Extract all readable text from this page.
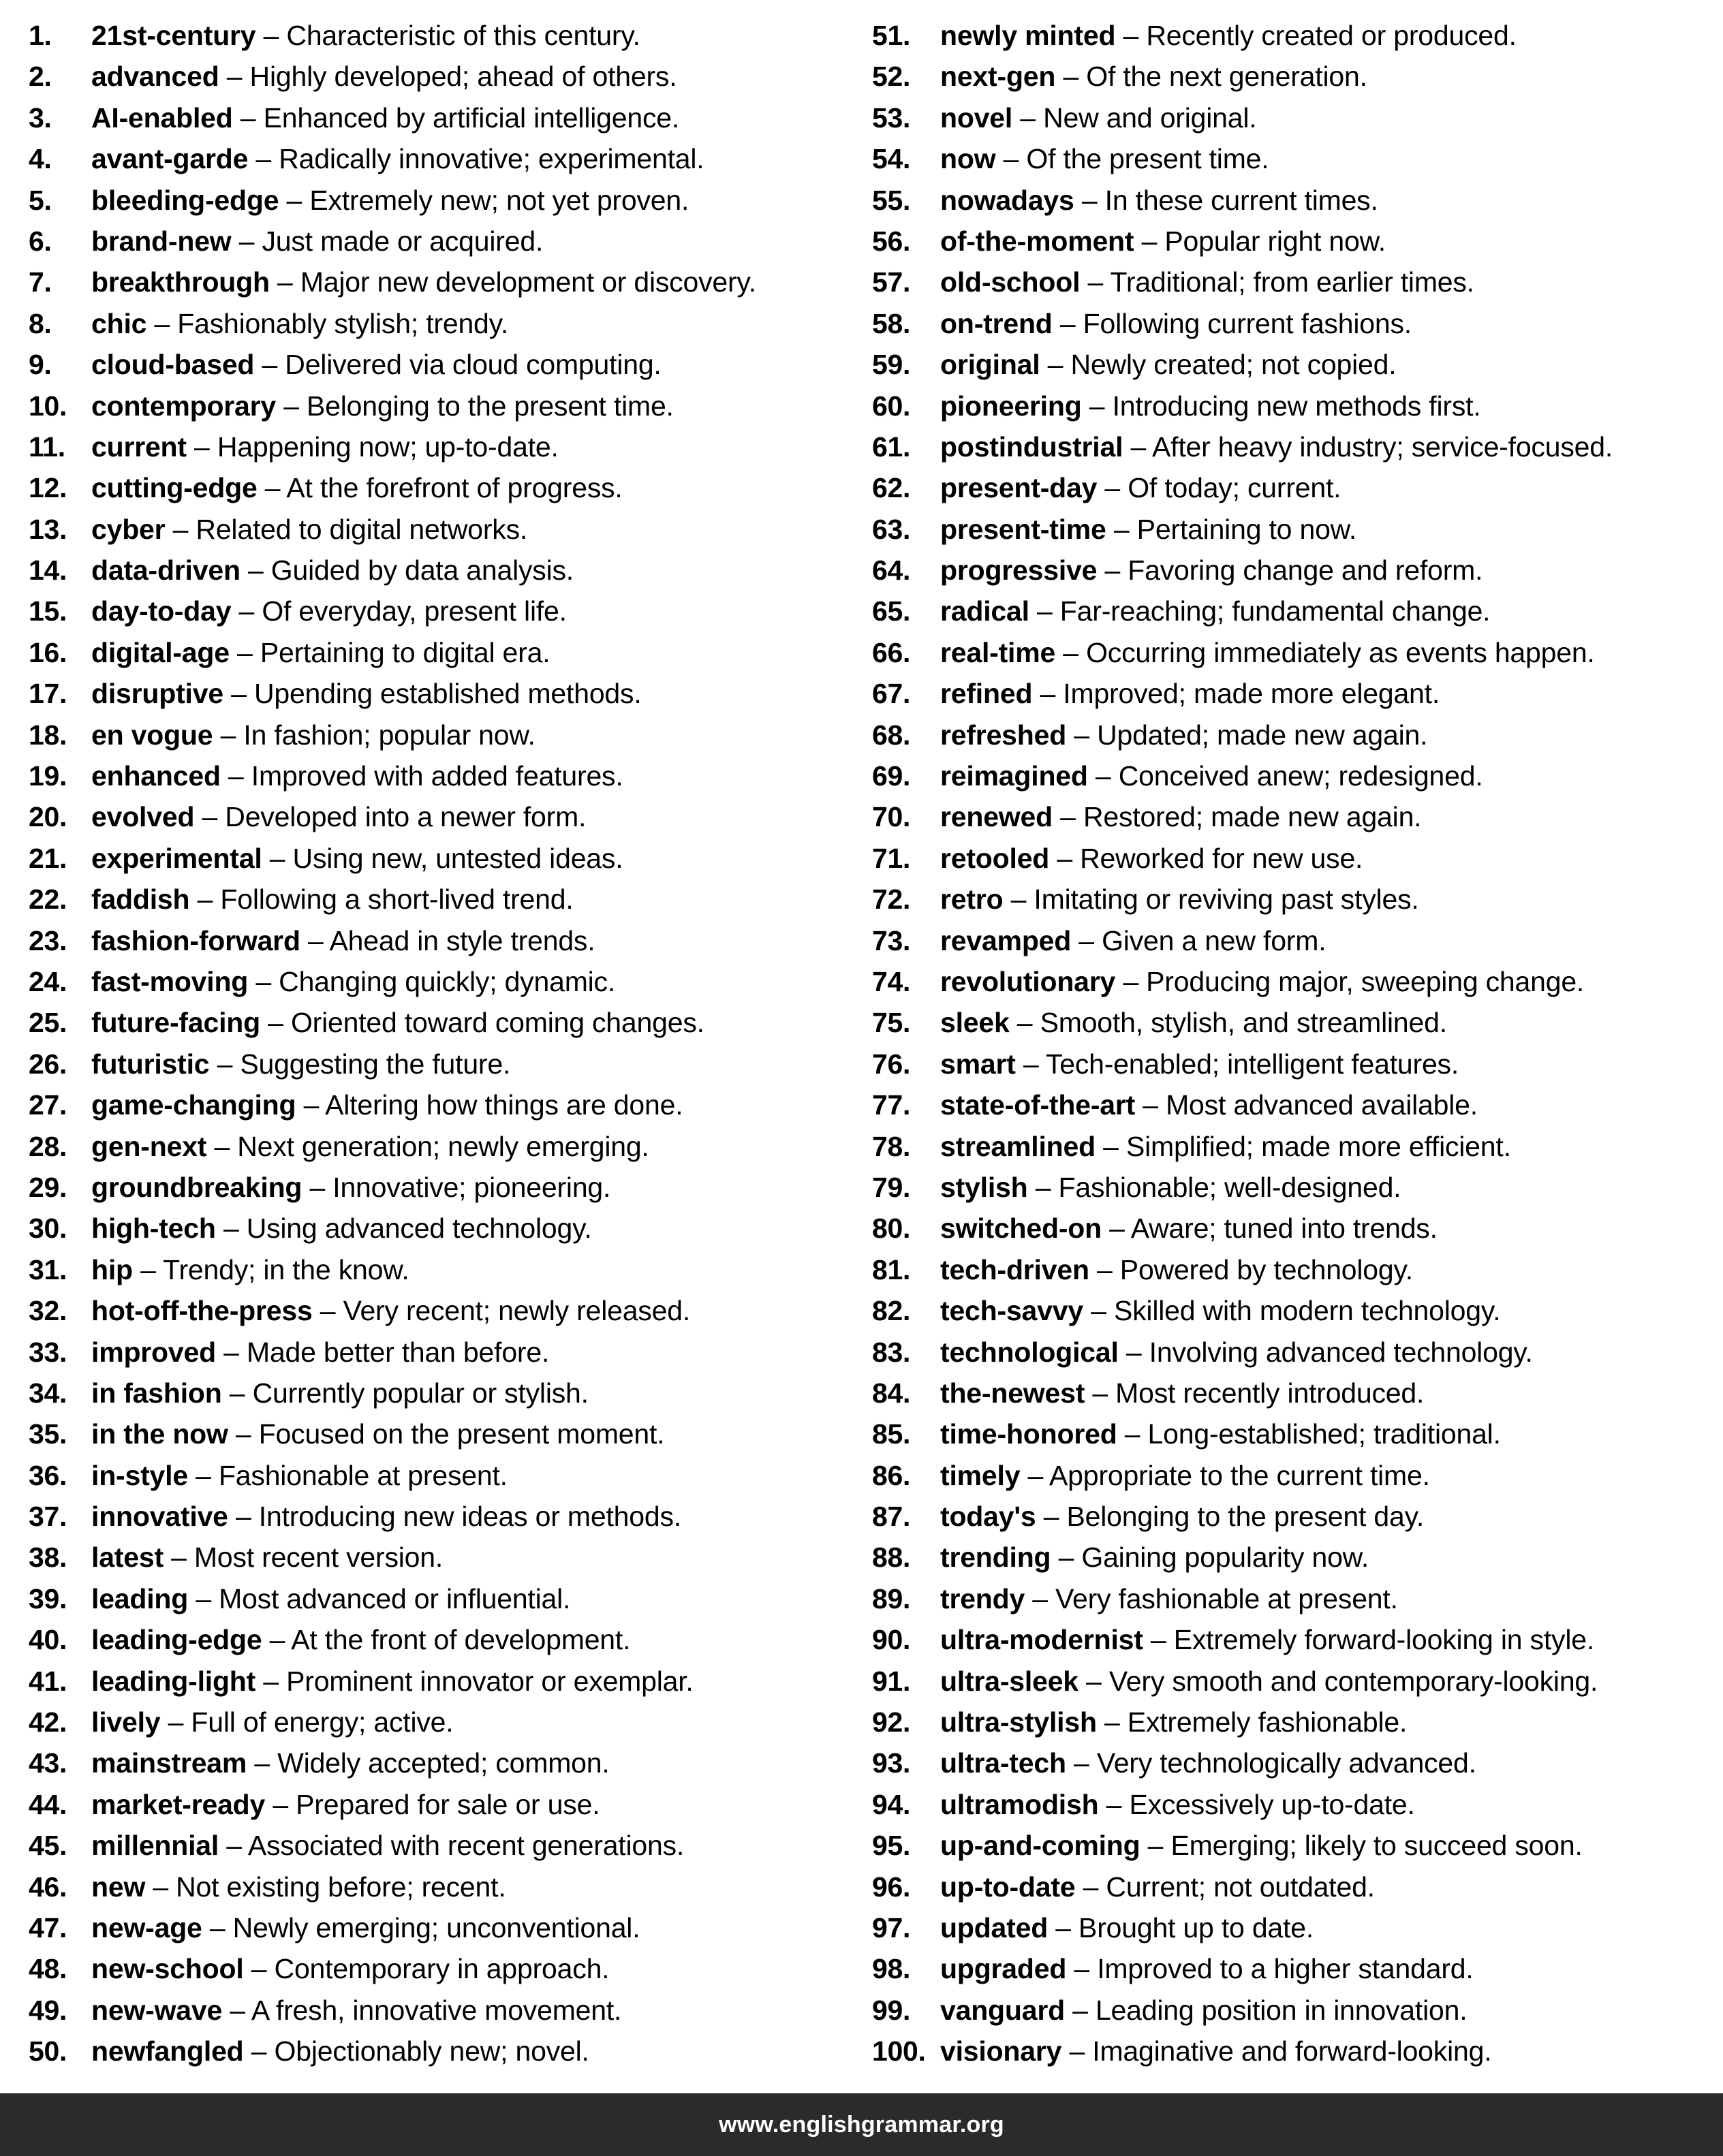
1.	21st-century – Characteristic of this century.
2.	advanced – Highly developed; ahead of others.
3.	AI-enabled – Enhanced by artificial intelligence.
4.	avant-garde – Radically innovative; experimental.
5.	bleeding-edge – Extremely new; not yet proven.
6.	brand-new – Just made or acquired.
7.	breakthrough – Major new development or discovery.
8.	chic – Fashionably stylish; trendy.
9.	cloud-based – Delivered via cloud computing.
10. contemporary – Belonging to the present time.
11. current – Happening now; up-to-date.
12. cutting-edge – At the forefront of progress.
13. cyber – Related to digital networks.
14. data-driven – Guided by data analysis.
15. day-to-day – Of everyday, present life.
16. digital-age – Pertaining to digital era.
17. disruptive – Upending established methods.
18. en vogue – In fashion; popular now.
19. enhanced – Improved with added features.
20. evolved – Developed into a newer form.
21. experimental – Using new, untested ideas.
22. faddish – Following a short-lived trend.
23. fashion-forward – Ahead in style trends.
24. fast-moving – Changing quickly; dynamic.
25. future-facing – Oriented toward coming changes.
26. futuristic – Suggesting the future.
27. game-changing – Altering how things are done.
28. gen-next – Next generation; newly emerging.
29. groundbreaking – Innovative; pioneering.
30. high-tech – Using advanced technology.
31. hip – Trendy; in the know.
32. hot-off-the-press – Very recent; newly released.
33. improved – Made better than before.
34. in fashion – Currently popular or stylish.
35. in the now – Focused on the present moment.
36. in-style – Fashionable at present.
37. innovative – Introducing new ideas or methods.
38. latest – Most recent version.
39. leading – Most advanced or influential.
40. leading-edge – At the front of development.
41. leading-light – Prominent innovator or exemplar.
42. lively – Full of energy; active.
43. mainstream – Widely accepted; common.
44. market-ready – Prepared for sale or use.
45. millennial – Associated with recent generations.
46. new – Not existing before; recent.
47. new-age – Newly emerging; unconventional.
48. new-school – Contemporary in approach.
49. new-wave – A fresh, innovative movement.
50. newfangled – Objectionably new; novel.
51.	newly minted – Recently created or produced.
52.	next-gen – Of the next generation.
53.	novel – New and original.
54.	now – Of the present time.
55.	nowadays – In these current times.
56.	of-the-moment – Popular right now.
57.	old-school – Traditional; from earlier times.
58.	on-trend – Following current fashions.
59.	original – Newly created; not copied.
60.	pioneering – Introducing new methods first.
61.	postindustrial – After heavy industry; service-focused.
62.	present-day – Of today; current.
63.	present-time – Pertaining to now.
64.	progressive – Favoring change and reform.
65.	radical – Far-reaching; fundamental change.
66.	real-time – Occurring immediately as events happen.
67.	refined – Improved; made more elegant.
68.	refreshed – Updated; made new again.
69.	reimagined – Conceived anew; redesigned.
70.	renewed – Restored; made new again.
71.	retooled – Reworked for new use.
72.	retro – Imitating or reviving past styles.
73.	revamped – Given a new form.
74.	revolutionary – Producing major, sweeping change.
75.	sleek – Smooth, stylish, and streamlined.
76.	smart – Tech-enabled; intelligent features.
77.	state-of-the-art – Most advanced available.
78.	streamlined – Simplified; made more efficient.
79.	stylish – Fashionable; well-designed.
80.	switched-on – Aware; tuned into trends.
81.	tech-driven – Powered by technology.
82.	tech-savvy – Skilled with modern technology.
83.	technological – Involving advanced technology.
84.	the-newest – Most recently introduced.
85.	time-honored – Long-established; traditional.
86.	timely – Appropriate to the current time.
87.	today's – Belonging to the present day.
88.	trending – Gaining popularity now.
89.	trendy – Very fashionable at present.
90.	ultra-modernist – Extremely forward-looking in style.
91.	ultra-sleek – Very smooth and contemporary-looking.
92.	ultra-stylish – Extremely fashionable.
93.	ultra-tech – Very technologically advanced.
94.	ultramodish – Excessively up-to-date.
95.	up-and-coming – Emerging; likely to succeed soon.
96.	up-to-date – Current; not outdated.
97.	updated – Brought up to date.
98.	upgraded – Improved to a higher standard.
99.	vanguard – Leading position in innovation.
100. visionary – Imaginative and forward-looking.
www.englishgrammar.org
